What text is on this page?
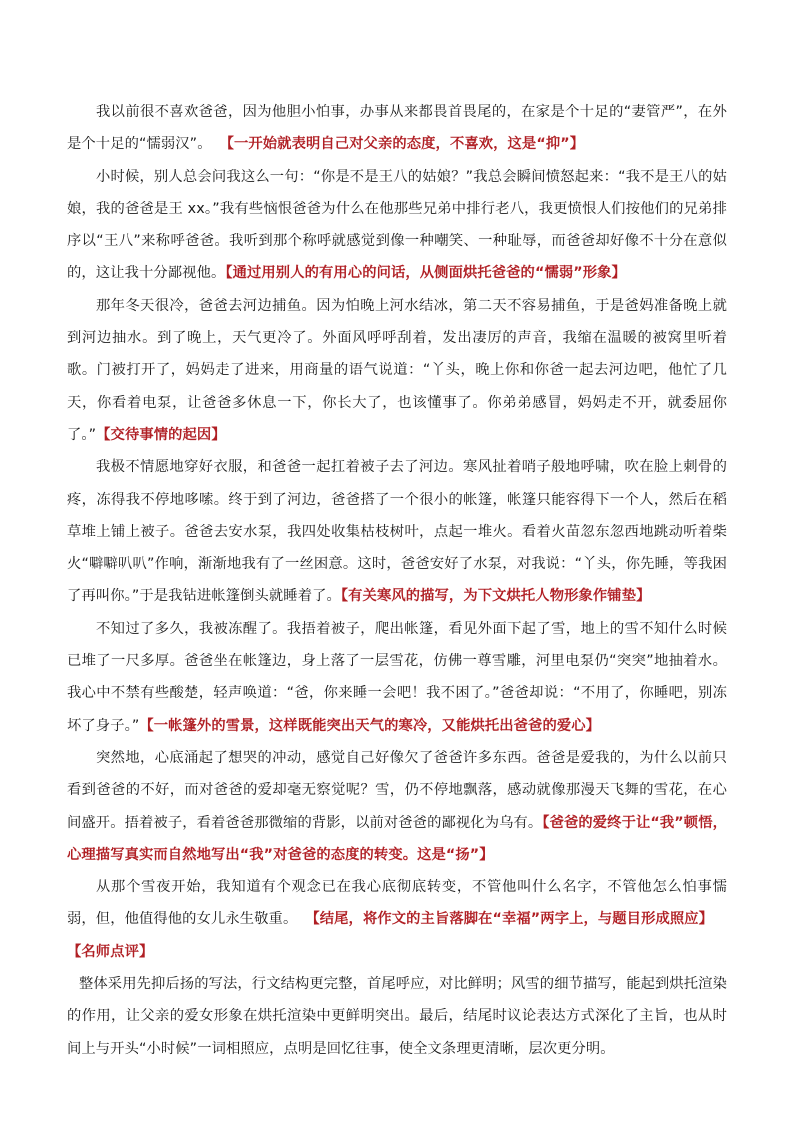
我以前很不喜欢爸爸，因为他胆小怕事，办事从来都畏首畏尾的，在家是个十足的“妻管严”，在外是个十足的“懦弱汉”。 【一开始就表明自己对父亲的态度，不喜欢，这是“抑”】

小时候，别人总会问我这么一句：“你是不是王八的姑娘？”我总会瞬间愤怒起来：“我不是王八的姑娘，我的爸爸是王 xx。”我有些恼恨爸爸为什么在他那些兄弟中排行老八，我更愤恨人们按他们的兄弟排序以“王八”来称呼爸爸。我听到那个称呼就感觉到像一种嘲笑、一种耻辱，而爸爸却好像不十分在意似的，这让我十分鄙视他。【通过用别人的有用心的问话，从侧面烘托爸爸的“懦弱”形象】

那年冬天很冷，爸爸去河边捕鱼。因为怕晚上河水结冰，第二天不容易捕鱼，于是爸妈准备晚上就到河边抽水。到了晚上，天气更冷了。外面风呼呼刮着，发出凄厉的声音，我缩在温暖的被窝里听着歌。门被打开了，妈妈走了进来，用商量的语气说道：“丫头，晚上你和你爸一起去河边吧，他忙了几天，你看着电泵，让爸爸多休息一下，你长大了，也该懂事了。你弟弟感冒，妈妈走不开，就委屈你了。”【交待事情的起因】

我极不情愿地穿好衣服，和爸爸一起扛着被子去了河边。寒风扯着哨子般地呼啸，吹在脸上刺骨的疼，冻得我不停地哆嗦。终于到了河边，爸爸搭了一个很小的帐篷，帐篷只能容得下一个人，然后在稻草堆上铺上被子。爸爸去安水泵，我四处收集枯枝树叶，点起一堆火。看着火苗忽东忽西地跳动听着柴火“噼噼叭叭”作响，渐渐地我有了一丝困意。这时，爸爸安好了水泵，对我说：“丫头，你先睡，等我困了再叫你。”于是我钻进帐篷倒头就睡着了。【有关寒风的描写，为下文烘托人物形象作铺垫】

不知过了多久，我被冻醒了。我捂着被子，爬出帐篷，看见外面下起了雪，地上的雪不知什么时候已堆了一尺多厚。爸爸坐在帐篷边，身上落了一层雪花，仿佛一尊雪雕，河里电泵仍“突突”地抽着水。我心中不禁有些酸楚，轻声唤道：“爸，你来睡一会吧！我不困了。”爸爸却说：“不用了，你睡吧，别冻坏了身子。”【一帐篷外的雪景，这样既能突出天气的寒冷，又能烘托出爸爸的爱心】

突然地，心底涌起了想哭的冲动，感觉自己好像欠了爸爸许多东西。爸爸是爱我的，为什么以前只看到爸爸的不好，而对爸爸的爱却毫无察觉呢？雪，仍不停地飘落，感动就像那漫天飞舞的雪花，在心间盛开。捂着被子，看着爸爸那微缩的背影，以前对爸爸的鄙视化为乌有。【爸爸的爱终于让“我”顿悟，心理描写真实而自然地写出“我”对爸爸的态度的转变。这是“扬”】

从那个雪夜开始，我知道有个观念已在我心底彻底转变，不管他叫什么名字，不管他怎么怕事懦弱，但，他值得他的女儿永生敬重。 【结尾，将作文的主旨落脚在“幸福”两字上，与题目形成照应】

【名师点评】

整体采用先抑后扬的写法，行文结构更完整，首尾呼应，对比鲜明；风雪的细节描写，能起到烘托渲染的作用，让父亲的爱女形象在烘托渲染中更鲜明突出。最后，结尾时议论表达方式深化了主旨，也从时间上与开头“小时候”一词相照应，点明是回忆往事，使全文条理更清晰，层次更分明。
